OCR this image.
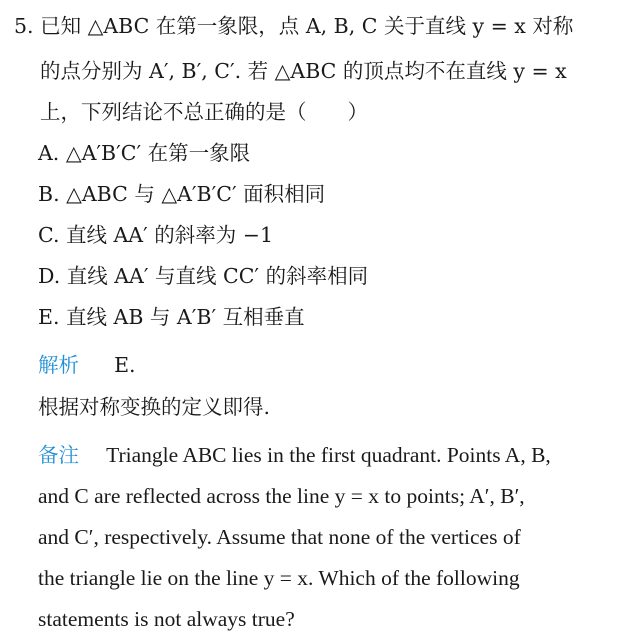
5. 已知 △ABC 在第一象限，点 A, B, C 关于直线 y = x 对称
的点分别为 A′, B′, C′. 若 △ABC 的顶点均不在直线 y = x
上，下列结论不总正确的是（　　）
A. △A′B′C′ 在第一象限
B. △ABC 与 △A′B′C′ 面积相同
C. 直线 AA′ 的斜率为 −1
D. 直线 AA′ 与直线 CC′ 的斜率相同
E. 直线 AB 与 A′B′ 互相垂直
解析 E.
根据对称变换的定义即得.
备注 Triangle ABC lies in the first quadrant. Points A, B,
and C are reflected across the line y = x to points; A′, B′,
and C′, respectively. Assume that none of the vertices of
the triangle lie on the line y = x. Which of the following
statements is not always true?
